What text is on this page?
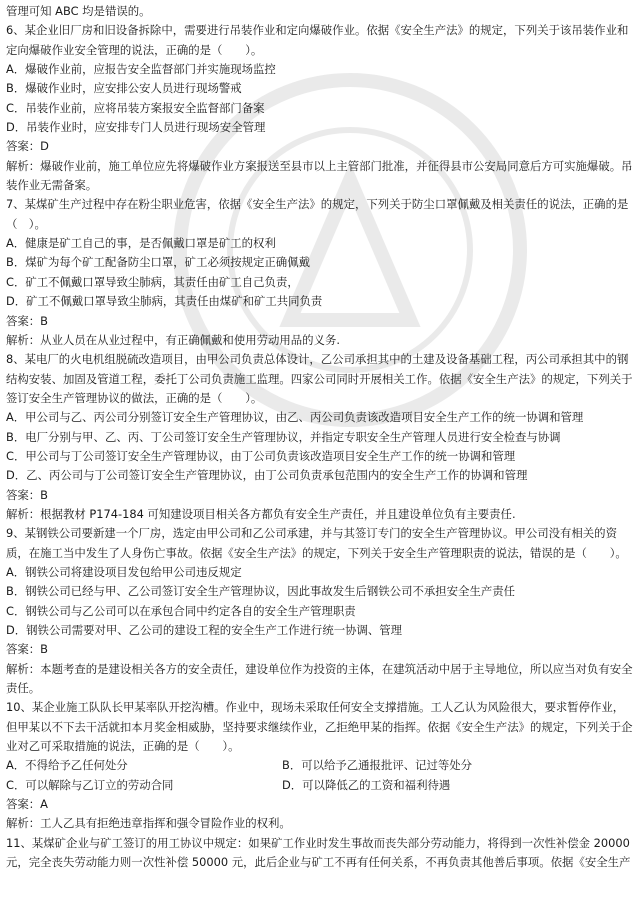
管理可知 ABC 均是错误的。

6、某企业旧厂房和旧设备拆除中，需要进行吊装作业和定向爆破作业。依据《安全生产法》的规定，下列关于该吊装作业和定向爆破作业安全管理的说法，正确的是（　　）。

A．爆破作业前，应报告安全监督部门并实施现场监控

B．爆破作业时，应安排公安人员进行现场警戒

C．吊装作业前，应将吊装方案报安全监督部门备案

D．吊装作业时，应安排专门人员进行现场安全管理

答案：D

解析：爆破作业前，施工单位应先将爆破作业方案报送至县市以上主管部门批准，并征得县市公安局同意后方可实施爆破。吊装作业无需备案。

7、某煤矿生产过程中存在粉尘职业危害，依据《安全生产法》的规定，下列关于防尘口罩佩戴及相关责任的说法，正确的是（　）。

A．健康是矿工自己的事，是否佩戴口罩是矿工的权利

B．煤矿为每个矿工配备防尘口罩，矿工必须按规定正确佩戴

C．矿工不佩戴口罩导致尘肺病，其责任由矿工自己负责，

D．矿工不佩戴口罩导致尘肺病，其责任由煤矿和矿工共同负责

答案：B

解析：从业人员在从业过程中，有正确佩戴和使用劳动用品的义务.

8、某电厂的火电机组脱硫改造项目，由甲公司负责总体设计，乙公司承担其中的土建及设备基础工程，丙公司承担其中的钢结构安装、加固及管道工程，委托丁公司负责施工监理。四家公司同时开展相关工作。依据《安全生产法》的规定，下列关于签订安全生产管理协议的做法，正确的是（　　）。

A．甲公司与乙、丙公司分别签订安全生产管理协议，由乙、丙公司负责该改造项目安全生产工作的统一协调和管理

B．电厂分别与甲、乙、丙、丁公司签订安全生产管理协议，并指定专职安全生产管理人员进行安全检查与协调

C．甲公司与丁公司签订安全生产管理协议，由丁公司负责该改造项目安全生产工作的统一协调和管理

D．乙、丙公司与丁公司签订安全生产管理协议，由丁公司负责承包范围内的安全生产工作的协调和管理

答案：B

解析：根据教材 P174-184 可知建设项目相关各方都负有安全生产责任，并且建设单位负有主要责任.

9、某钢铁公司要新建一个厂房，选定由甲公司和乙公司承建，并与其签订专门的安全生产管理协议。甲公司没有相关的资质，在施工当中发生了人身伤亡事故。依据《安全生产法》的规定，下列关于安全生产管理职责的说法，错误的是（　　）。

A．钢铁公司将建设项目发包给甲公司违反规定

B．钢铁公司已经与甲、乙公司签订安全生产管理协议，因此事故发生后钢铁公司不承担安全生产责任

C．钢铁公司与乙公司可以在承包合同中约定各自的安全生产管理职责

D．钢铁公司需要对甲、乙公司的建设工程的安全生产工作进行统一协调、管理

答案：B

解析：本题考查的是建设相关各方的安全责任，建设单位作为投资的主体，在建筑活动中居于主导地位，所以应当对负有安全责任。

10、某企业施工队队长甲某率队开挖沟槽。作业中，现场未采取任何安全支撑措施。工人乙认为风险很大，要求暂停作业，但甲某以不下去干活就扣本月奖金相威胁，坚持要求继续作业，乙拒绝甲某的指挥。依据《安全生产法》的规定，下列关于企业对乙可采取措施的说法，正确的是（　　）。

A．不得给予乙任何处分	B．可以给予乙通报批评、记过等处分

C．可以解除与乙订立的劳动合同	D．可以降低乙的工资和福利待遇

答案：A

解析：工人乙具有拒绝违章指挥和强令冒险作业的权利。

11、某煤矿企业与矿工签订的用工协议中规定：如果矿工作业时发生事故而丧失部分劳动能力，将得到一次性补偿金 20000 元，完全丧失劳动能力则一次性补偿 50000 元，此后企业与矿工不再有任何关系，不再负责其他善后事项。依据《安全生产
